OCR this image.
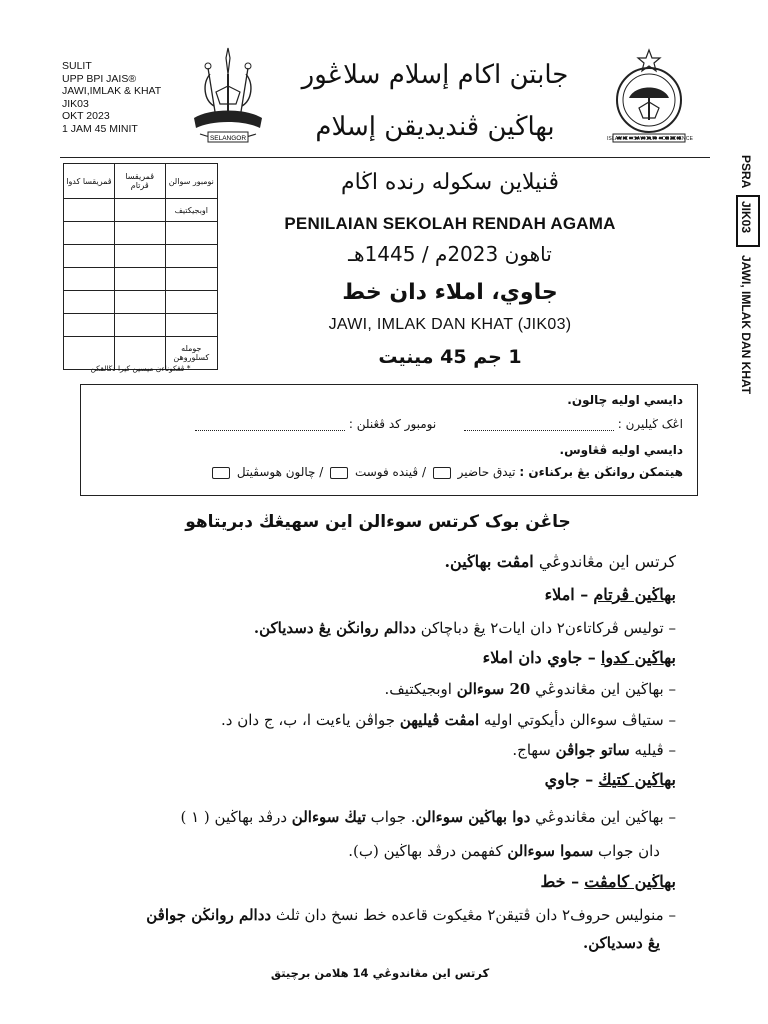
SULIT
UPP BPI JAIS®
JAWI,IMLAK & KHAT
JIK03
OKT 2023
1 JAM 45 MINIT
SELANGOR
جابتن اكام إسلام سلاڠور
بهاڬين ڤنديديقن إسلام	ISLAMIC • SAVIOUR • OBEDIENCE
PSRA
JIK03
JAWI, IMLAK DAN KHAT
ڤمريقسا كدوا	ڤمريقسا ڤرتام	نومبور سوالن
		اوبجيكتيف

		جوملە كسلوروهن
* ڤڠكوناءن ميسين كيرا دڬالقكن
ڤنيلاين سكوله رنده اڬام
PENILAIAN SEKOLAH RENDAH AGAMA
تاهون 2023م / 1445هـ
جاوي، املاء دان خط
JAWI, IMLAK DAN KHAT (JIK03)
1 جم 45 مينيت
دايسي اوليه چالون.
اڠک ڬيليرن :   نومبور كد ڤڠنلن :
دايسي اوليه ڤڠاوس.
هيتمكن روانڬن يڠ بركناءن : تيدق حاضير  / ڤينده فوست  / چالون هوسڤيتل
جاڠن بوک كرتس سوءالن اين سهيڠڬ دبريتاهو
كرتس اين مڠاندوڠي امڤت بهاڬين.
بهاڬين ڤرتام – املاء
– توليس ڤركاتاءن٢ دان ايات٢ يڠ دباچاكن ددالم روانڬن يڠ دسدياكن.
بهاڬين كدوا – جاوي دان املاء
– بهاڬين اين مڠاندوڠي 20 سوءالن اوبجيكتيف.
– ستياڤ سوءالن دأيكوتي اوليه امڤت ڤيليهن جواڤن ياءيت ا، ب، ج دان د.
– ڤيليه ساتو جواڤن سهاج.
بهاڬين كتيڬ – جاوي
– بهاڬين اين مڠاندوڠي دوا بهاڬين سوءالن. جواب تيڬ سوءالن درڤد بهاڬين ( ١ )
دان جواب سموا سوءالن كفهمن درڤد بهاڬين (ب).
بهاڬين كامڤت – خط
– منوليس حروف٢ دان ڤتيقن٢ مڠيكوت قاعده خط نسخ دان ثلث ددالم روانڬن جواڤن
يڠ دسدياكن.
كرتس اين مڠاندوڠي 14 هلامن برچيتق
